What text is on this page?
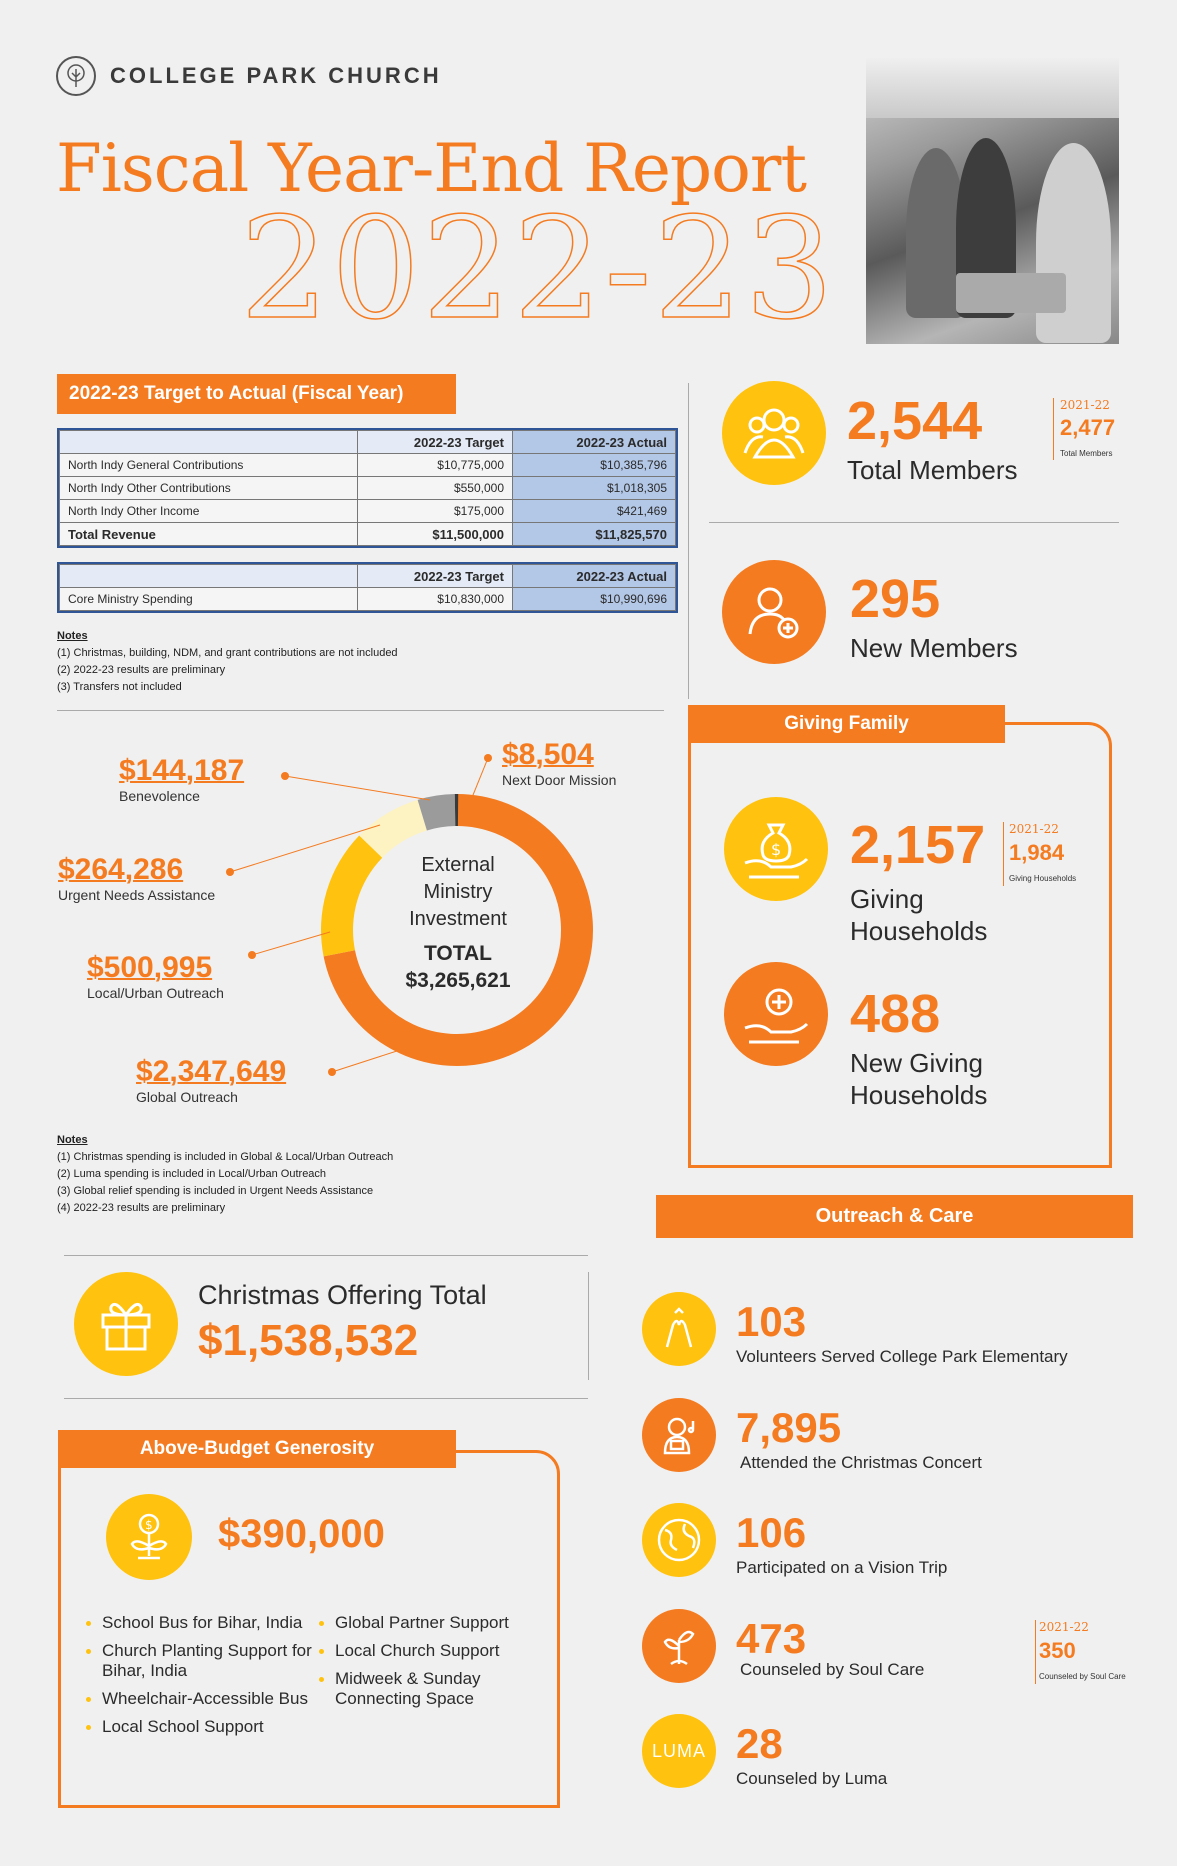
COLLEGE PARK CHURCH
Fiscal Year-End Report
2022-23
2022-23 Target to Actual (Fiscal Year)
	2022-23 Target	2022-23 Actual
North Indy General Contributions	$10,775,000	$10,385,796
North Indy Other Contributions	$550,000	$1,018,305
North Indy Other Income	$175,000	$421,469
Total Revenue	$11,500,000	$11,825,570
	2022-23 Target	2022-23 Actual
Core Ministry Spending	$10,830,000	$10,990,696
Notes
(1) Christmas, building, NDM, and grant contributions are not included
(2) 2022-23 results are preliminary
(3) Transfers not included
2,544
Total Members
2021-22
2,477
Total Members
295
New Members
Giving Family
$ 2,157
Giving
Households
2021-22
1,984
Giving Households
488
New Giving
Households
External
Ministry
Investment
TOTAL
$3,265,621
$8,504
Next Door Mission
$144,187
Benevolence
$264,286
Urgent Needs Assistance
$500,995
Local/Urban Outreach
$2,347,649
Global Outreach
Notes
(1) Christmas spending is included in Global & Local/Urban Outreach
(2) Luma spending is included in Local/Urban Outreach
(3) Global relief spending is included in Urgent Needs Assistance
(4) 2022-23 results are preliminary
Christmas Offering Total
$1,538,532
Above-Budget Generosity
$ $390,000
School Bus for Bihar, India
Church Planting Support for Bihar, India
Wheelchair-Accessible Bus
Local School Support
Global Partner Support
Local Church Support
Midweek & Sunday Connecting Space
Outreach & Care
103
Volunteers Served College Park Elementary
7,895
Attended the Christmas Concert
106
Participated on a Vision Trip
473
Counseled by Soul Care
2021-22
350
Counseled by Soul Care
LUMA 28
Counseled by Luma
